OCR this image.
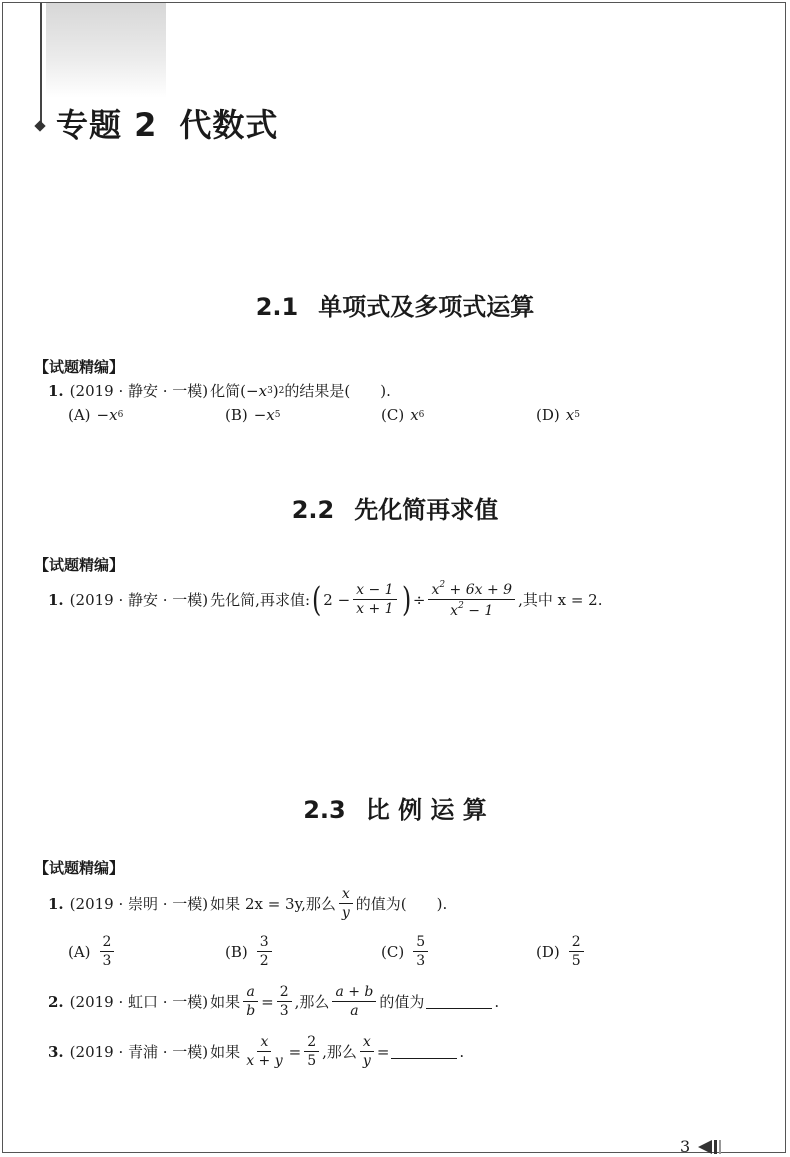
专题 2 代数式
2.1 单项式及多项式运算
【试题精编】
1. (2019 · 静安 · 一模) 化简( −x 3 ) 2 的结果是(　　).
(A) −x 6	(B) −x 5	(C) x 6	(D) x 5
2.2 先化简再求值
【试题精编】
1. (2019 · 静安 · 一模) 先化简,再求值: ( $2 - \frac{x - 1}{x + 1}$ ) ÷ $\frac{x^2 + 6x + 9}{x^2 - 1}$ ,其中 x = 2.
2.3 比 例 运 算
【试题精编】
1. (2019 · 崇明 · 一模) 如果 2x = 3y,那么 $\frac{x}{y}$ 的值为(　　).
$(A) \frac{2}{3}$	$(B) \frac{3}{2}$	$(C) \frac{5}{3}$	$(D) \frac{2}{5}$
2. (2019 · 虹口 · 一模) 如果 $\frac{a}{b} = \frac{2}{3}$ ,那么 $\frac{a + b}{a}$ 的值为	.
3. (2019 · 青浦 · 一模) 如果 $\frac{x}{x + y} = \frac{2}{5}$ ,那么 $\frac{x}{y}$ =	.
3
